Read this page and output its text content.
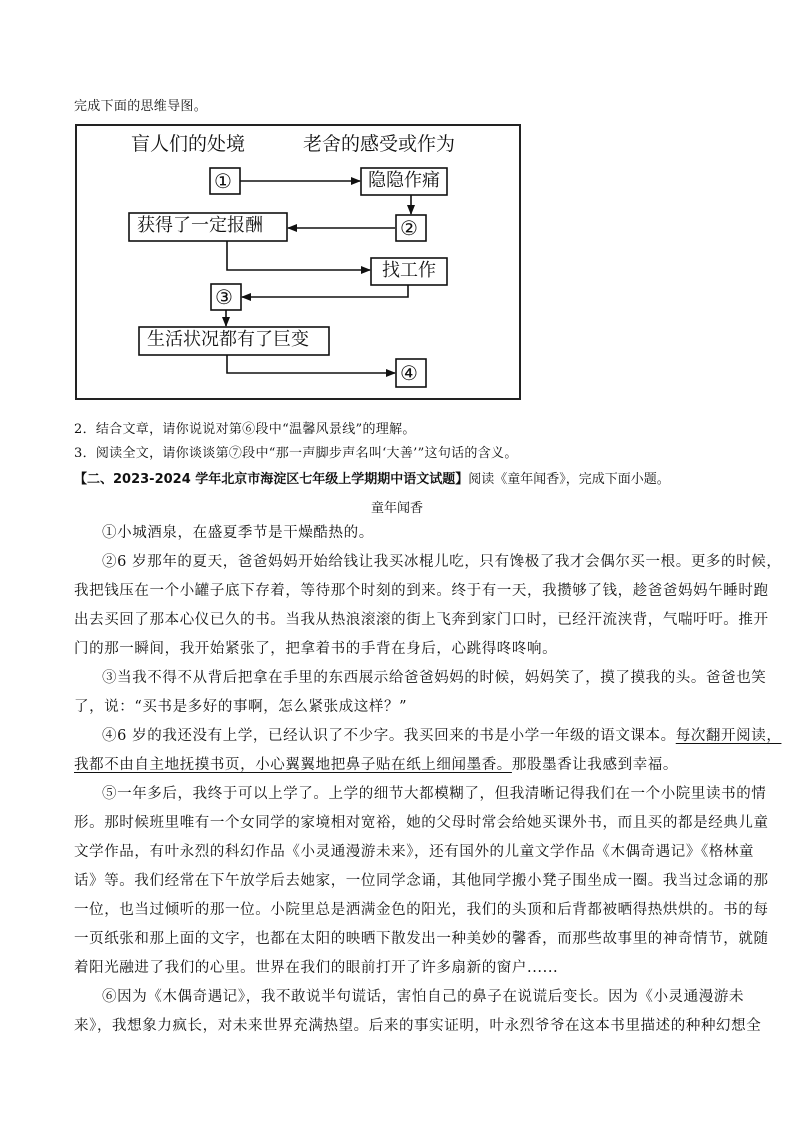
完成下面的思维导图。
盲人们的处境	老舍的感受或作为
①	隐隐作痛
②
获得了一定报酬
找工作
③
生活状况都有了巨变
④
2．结合文章，请你说说对第⑥段中“温馨风景线”的理解。
3．阅读全文，请你谈谈第⑦段中“那一声脚步声名叫‘大善’”这句话的含义。
【二、2023-2024 学年北京市海淀区七年级上学期期中语文试题】阅读《童年闻香》，完成下面小题。
童年闻香
①小城酒泉，在盛夏季节是干燥酷热的。
②6 岁那年的夏天，爸爸妈妈开始给钱让我买冰棍儿吃，只有馋极了我才会偶尔买一根。更多的时候，
我把钱压在一个小罐子底下存着，等待那个时刻的到来。终于有一天，我攒够了钱，趁爸爸妈妈午睡时跑
出去买回了那本心仪已久的书。当我从热浪滚滚的街上飞奔到家门口时，已经汗流浃背，气喘吁吁。推开
门的那一瞬间，我开始紧张了，把拿着书的手背在身后，心跳得咚咚响。
③当我不得不从背后把拿在手里的东西展示给爸爸妈妈的时候，妈妈笑了，摸了摸我的头。爸爸也笑
了，说：“买书是多好的事啊，怎么紧张成这样？”
④6 岁的我还没有上学，已经认识了不少字。我买回来的书是小学一年级的语文课本。每次翻开阅读，
我都不由自主地抚摸书页，小心翼翼地把鼻子贴在纸上细闻墨香。那股墨香让我感到幸福。
⑤一年多后，我终于可以上学了。上学的细节大都模糊了，但我清晰记得我们在一个小院里读书的情
形。那时候班里唯有一个女同学的家境相对宽裕，她的父母时常会给她买课外书，而且买的都是经典儿童
文学作品，有叶永烈的科幻作品《小灵通漫游未来》，还有国外的儿童文学作品《木偶奇遇记》《格林童
话》等。我们经常在下午放学后去她家，一位同学念诵，其他同学搬小凳子围坐成一圈。我当过念诵的那
一位，也当过倾听的那一位。小院里总是洒满金色的阳光，我们的头顶和后背都被晒得热烘烘的。书的每
一页纸张和那上面的文字，也都在太阳的映晒下散发出一种美妙的馨香，而那些故事里的神奇情节，就随
着阳光融进了我们的心里。世界在我们的眼前打开了许多扇新的窗户......
⑥因为《木偶奇遇记》，我不敢说半句谎话，害怕自己的鼻子在说谎后变长。因为《小灵通漫游未
来》，我想象力疯长，对未来世界充满热望。后来的事实证明，叶永烈爷爷在这本书里描述的种种幻想全
